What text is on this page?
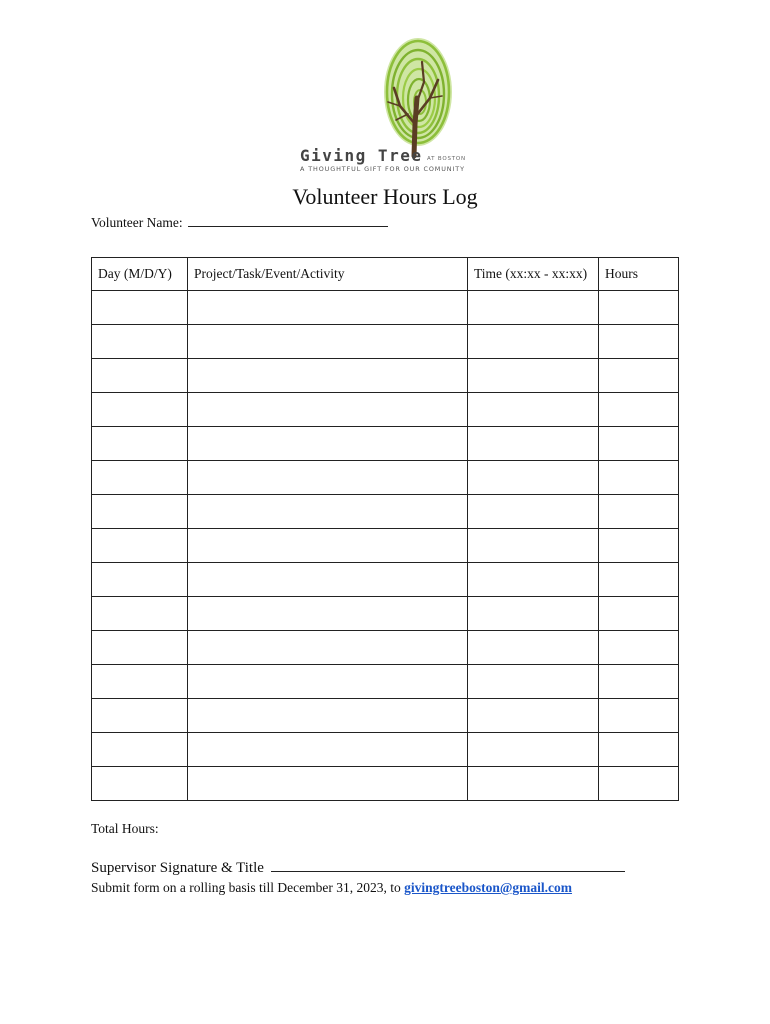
Giving Tree AT BOSTON
A THOUGHTFUL GIFT FOR OUR COMUNITY
Volunteer Hours Log
Volunteer Name:
Day (M/D/Y)	Project/Task/Event/Activity	Time (xx:xx - xx:xx)	Hours

Total Hours:
Supervisor Signature & Title
Submit form on a rolling basis till December 31, 2023, to givingtreeboston@gmail.com
